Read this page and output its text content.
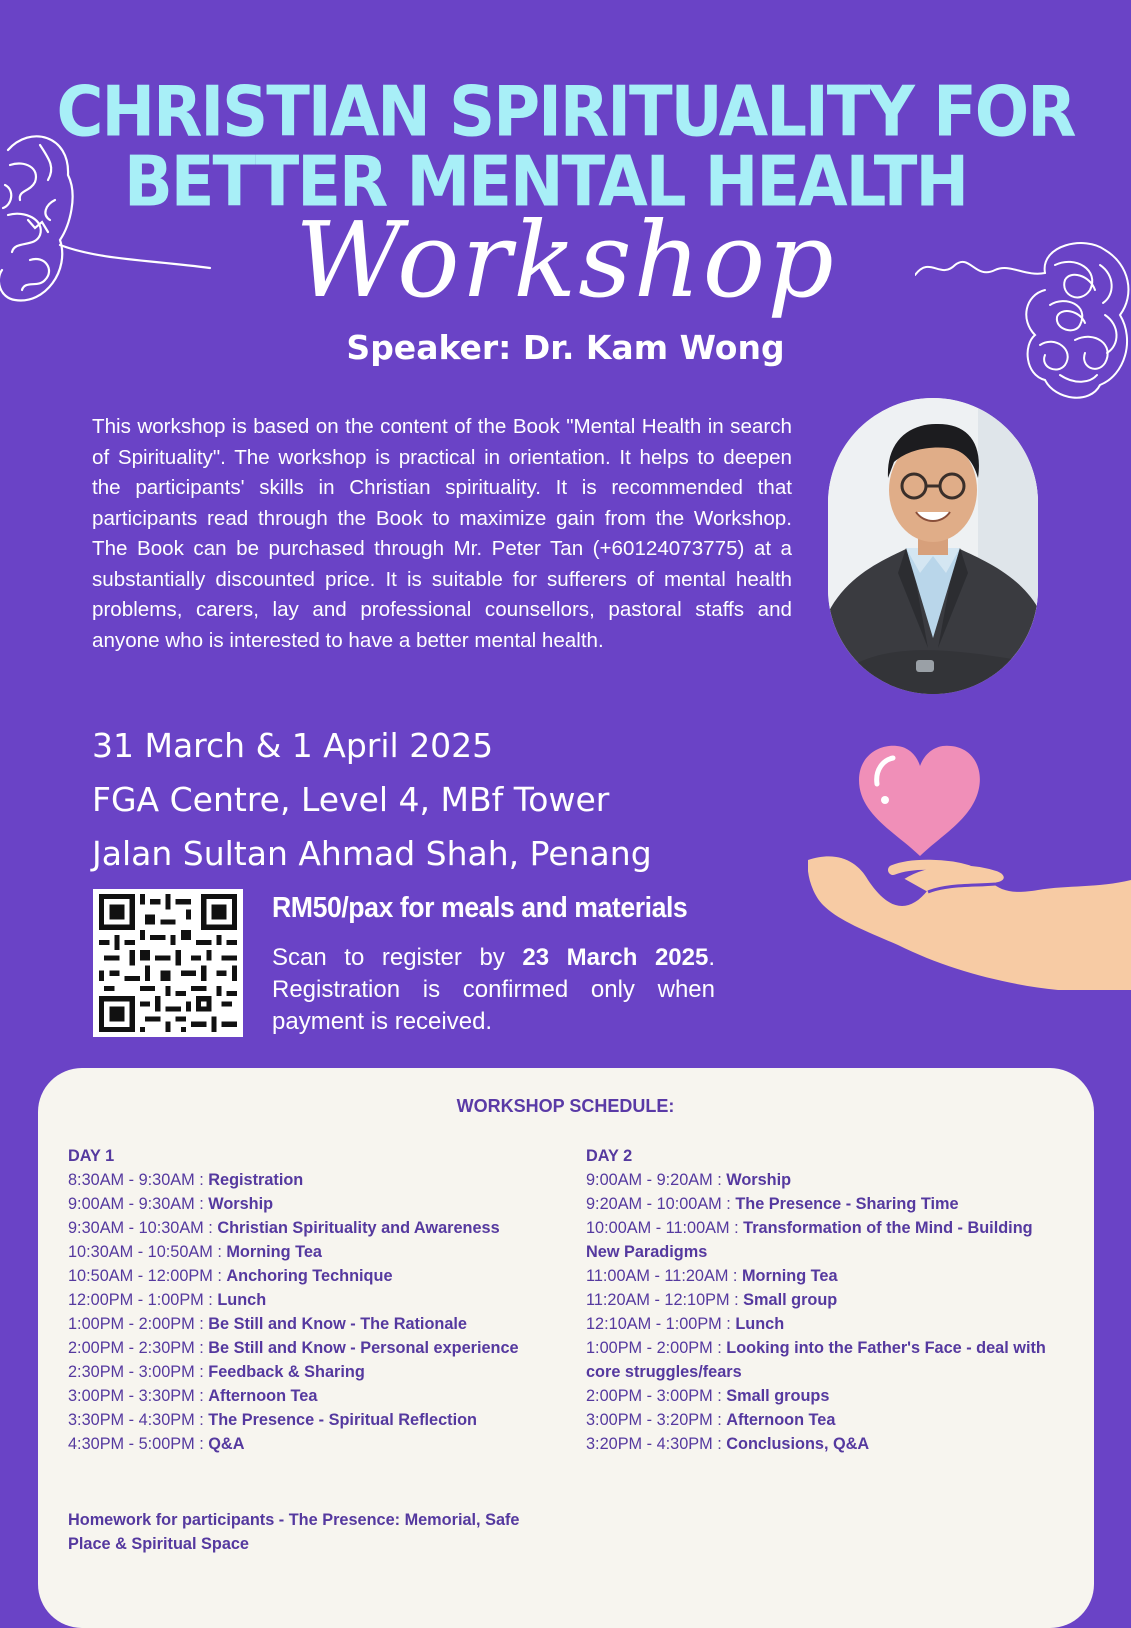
CHRISTIAN SPIRITUALITY FOR
BETTER MENTAL HEALTH
Workshop
Speaker: Dr. Kam Wong
This workshop is based on the content of the Book "Mental Health in search of Spirituality". The workshop is practical in orientation. It helps to deepen the participants' skills in Christian spirituality. It is recommended that participants read through the Book to maximize gain from the Workshop. The Book can be purchased through Mr. Peter Tan (+60124073775) at a substantially discounted price. It is suitable for sufferers of mental health problems, carers, lay and professional counsellors, pastoral staffs and anyone who is interested to have a better mental health.
31 March & 1 April 2025
FGA Centre, Level 4, MBf Tower
Jalan Sultan Ahmad Shah, Penang
RM50/pax for meals and materials
Scan to register by 23 March 2025. Registration is confirmed only when payment is received.
WORKSHOP SCHEDULE:
DAY 1
8:30AM - 9:30AM : Registration
9:00AM - 9:30AM : Worship
9:30AM - 10:30AM : Christian Spirituality and Awareness
10:30AM - 10:50AM : Morning Tea
10:50AM - 12:00PM : Anchoring Technique
12:00PM - 1:00PM : Lunch
1:00PM - 2:00PM : Be Still and Know - The Rationale
2:00PM - 2:30PM : Be Still and Know - Personal experience
2:30PM - 3:00PM : Feedback & Sharing
3:00PM - 3:30PM : Afternoon Tea
3:30PM - 4:30PM : The Presence - Spiritual Reflection
4:30PM - 5:00PM : Q&A
DAY 2
9:00AM - 9:20AM : Worship
9:20AM - 10:00AM : The Presence - Sharing Time
10:00AM - 11:00AM : Transformation of the Mind - Building New Paradigms
11:00AM - 11:20AM : Morning Tea
11:20AM - 12:10PM : Small group
12:10AM - 1:00PM : Lunch
1:00PM - 2:00PM : Looking into the Father's Face - deal with core struggles/fears
2:00PM - 3:00PM : Small groups
3:00PM - 3:20PM : Afternoon Tea
3:20PM - 4:30PM : Conclusions, Q&A
Homework for participants - The Presence: Memorial, Safe Place & Spiritual Space
